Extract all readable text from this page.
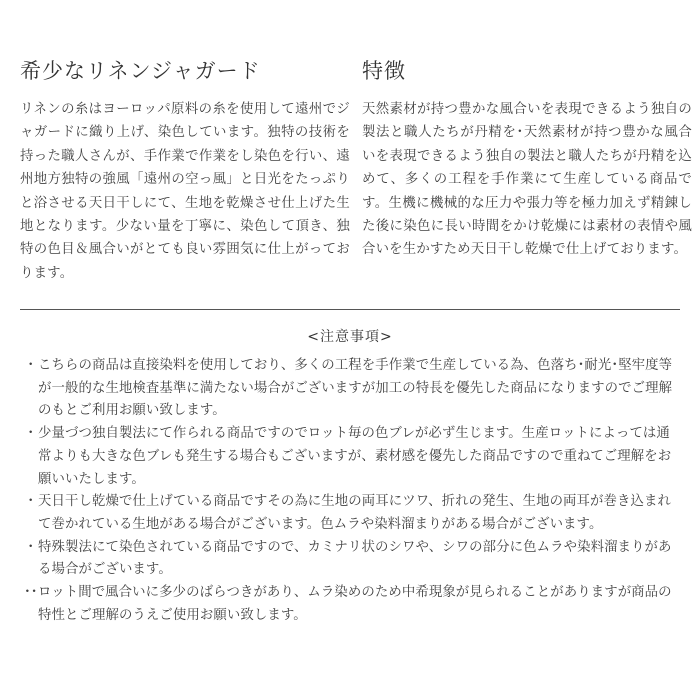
希少なリネンジャガード

リネンの糸はヨーロッパ原料の糸を使用して遠州でジャガードに織り上げ、染色しています。独特の技術を持った職人さんが、手作業で作業をし染色を行い、遠州地方独特の強風「遠州の空っ風」と日光をたっぷりと浴させる天日干しにて、生地を乾燥させ仕上げた生地となります。少ない量を丁寧に、染色して頂き、独特の色目＆風合いがとても良い雰囲気に仕上がっております。

特徴

天然素材が持つ豊かな風合いを表現できるよう独自の製法と職人たちが丹精を･天然素材が持つ豊かな風合いを表現できるよう独自の製法と職人たちが丹精を込めて、多くの工程を手作業にて生産している商品です。生機に機械的な圧力や張力等を極力加えず精錬した後に染色に長い時間をかけ乾燥には素材の表情や風合いを生かすため天日干し乾燥で仕上げております。

<注意事項>
・ こちらの商品は直接染料を使用しており、多くの工程を手作業で生産している為、色落ち･耐光･堅牢度等が一般的な生地検査基準に満たない場合がございますが加工の特長を優先した商品になりますのでご理解のもとご利用お願い致します。
・ 少量づつ独自製法にて作られる商品ですのでロット毎の色ブレが必ず生じます。生産ロットによっては通常よりも大きな色ブレも発生する場合もございますが、素材感を優先した商品ですので重ねてご理解をお願いいたします。
・ 天日干し乾燥で仕上げている商品ですその為に生地の両耳にツワ、折れの発生、生地の両耳が巻き込まれて巻かれている生地がある場合がございます。色ムラや染料溜まりがある場合がございます。
・ 特殊製法にて染色されている商品ですので、カミナリ状のシワや、シワの部分に色ムラや染料溜まりがある場合がございます。
･･ ロット間で風合いに多少のばらつきがあり、ムラ染めのため中希現象が見られることがありますが商品の特性とご理解のうえご使用お願い致します。
